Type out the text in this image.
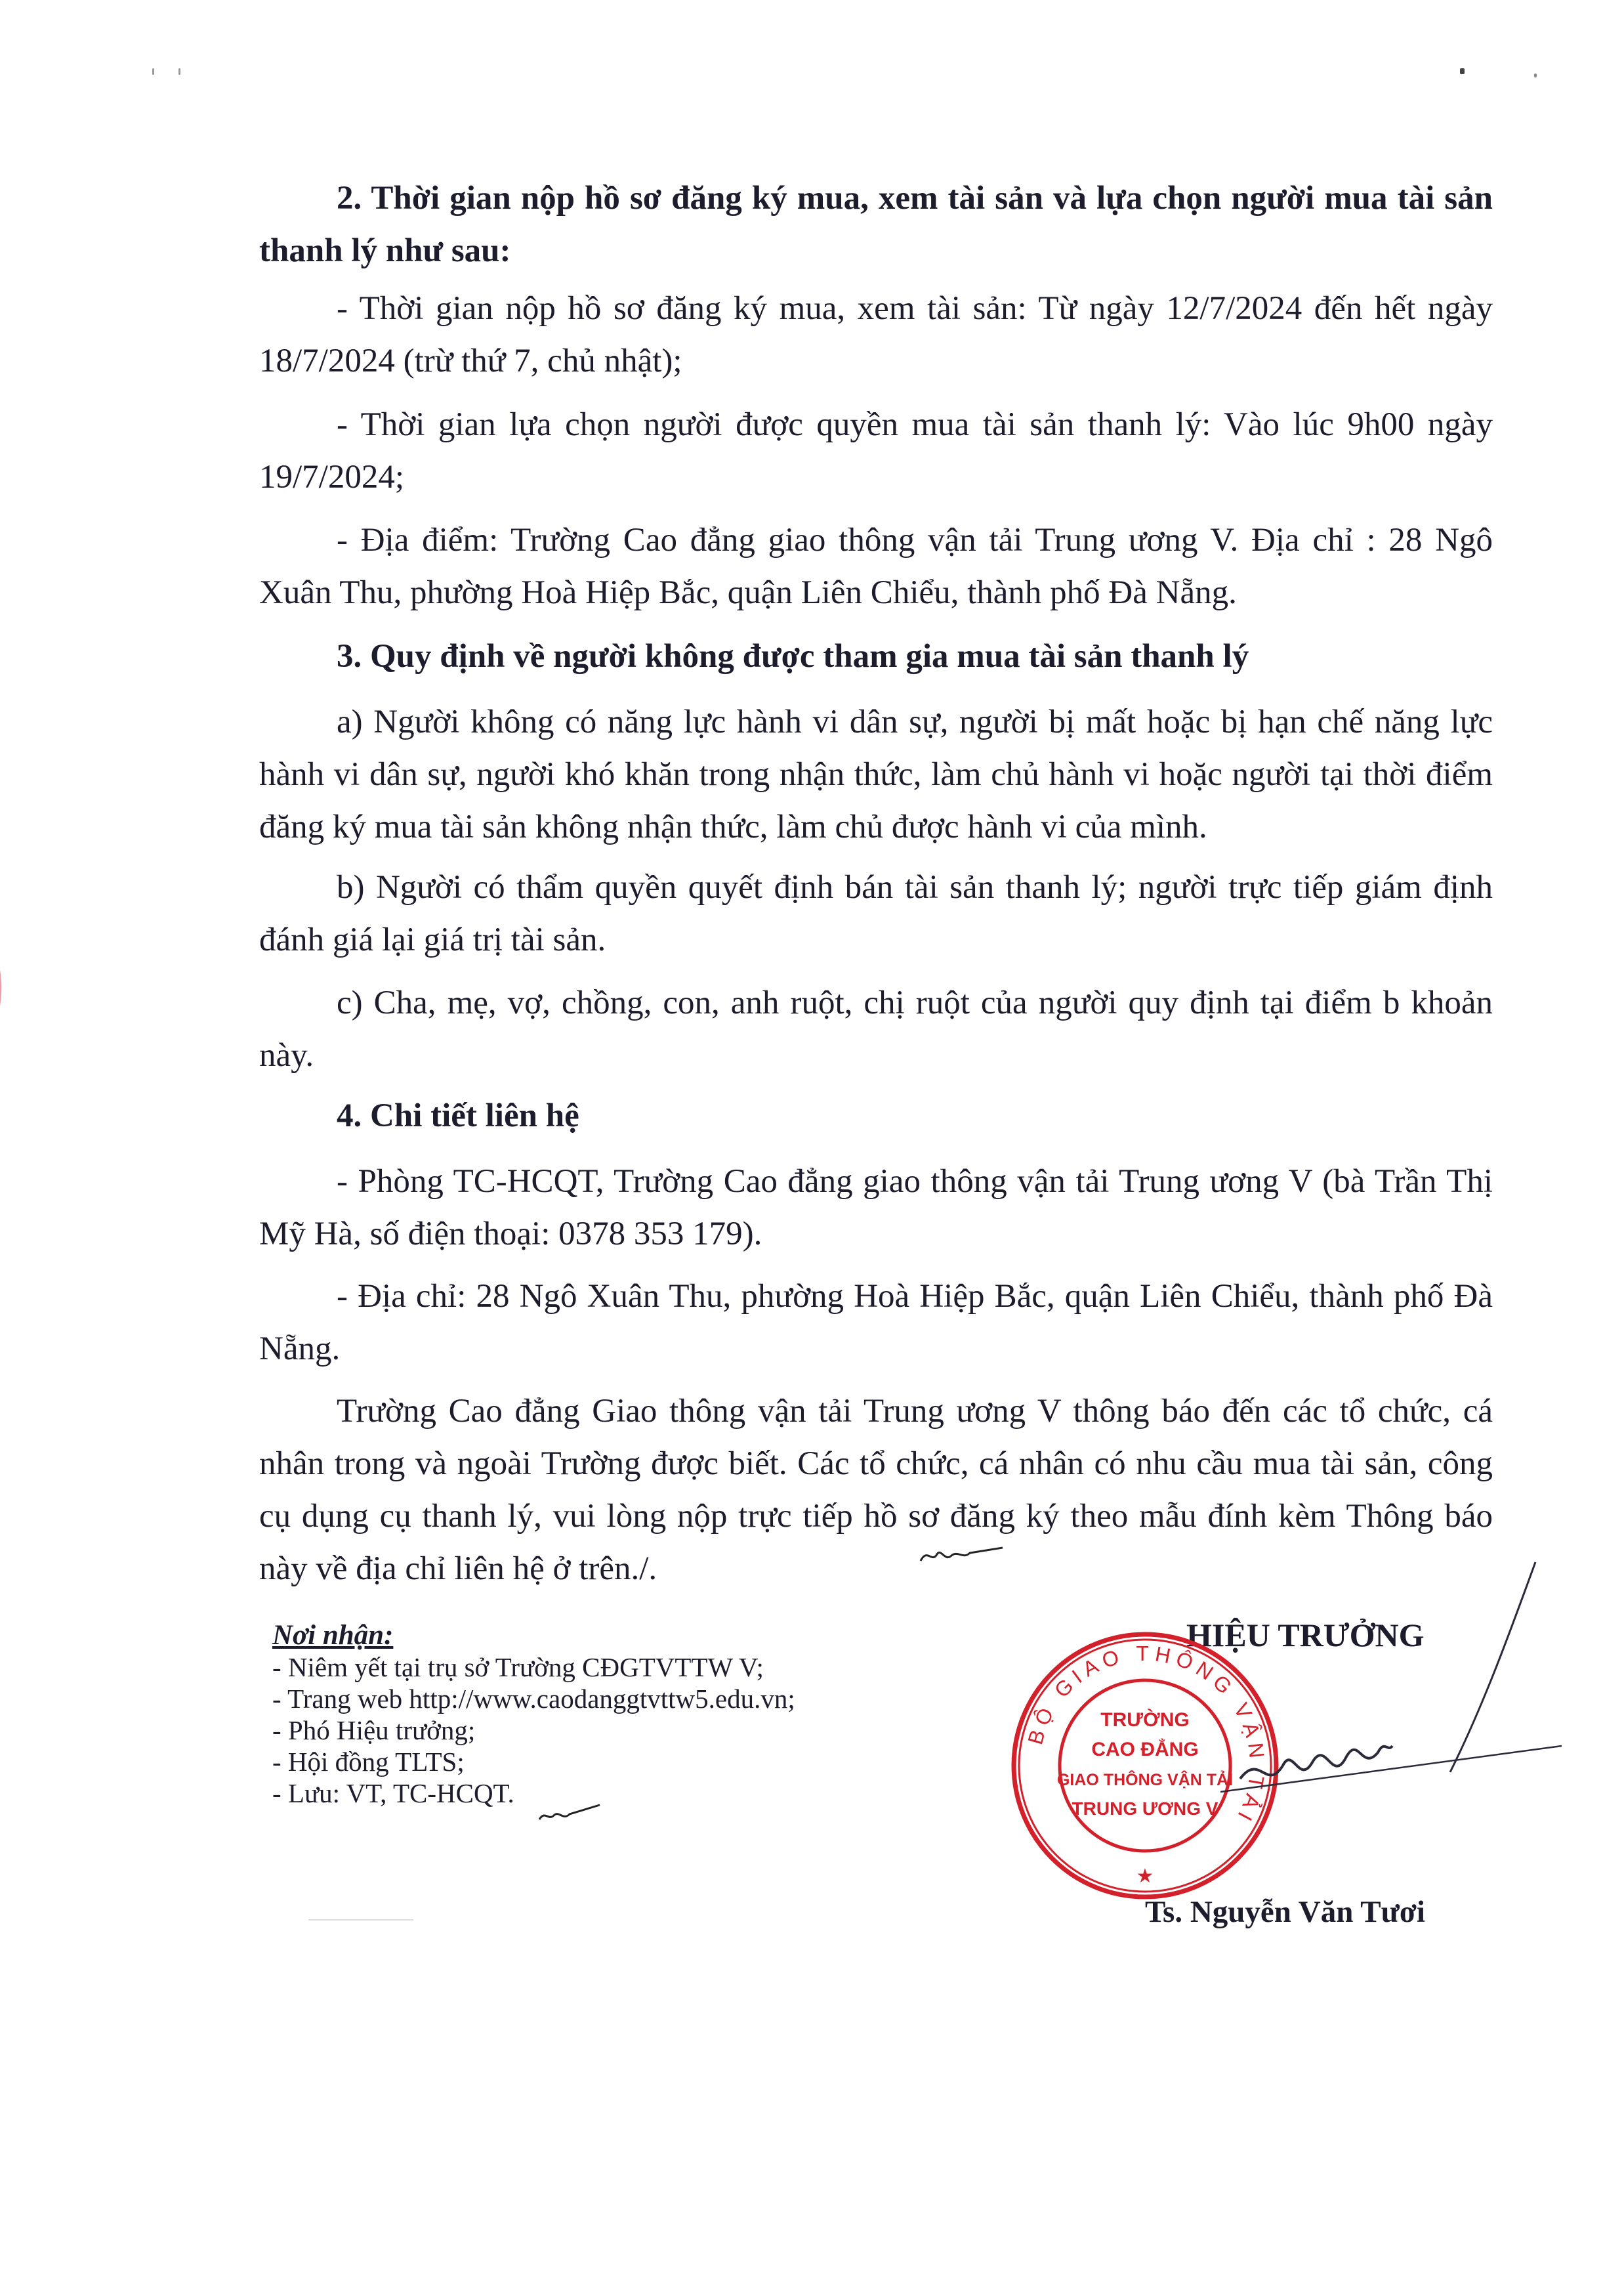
2. Thời gian nộp hồ sơ đăng ký mua, xem tài sản và lựa chọn người mua tài sản thanh lý như sau:

- Thời gian nộp hồ sơ đăng ký mua, xem tài sản: Từ ngày 12/7/2024 đến hết ngày 18/7/2024 (trừ thứ 7, chủ nhật);

- Thời gian lựa chọn người được quyền mua tài sản thanh lý: Vào lúc 9h00 ngày 19/7/2024;

- Địa điểm: Trường Cao đẳng giao thông vận tải Trung ương V. Địa chỉ : 28 Ngô Xuân Thu, phường Hoà Hiệp Bắc, quận Liên Chiểu, thành phố Đà Nẵng.

3. Quy định về người không được tham gia mua tài sản thanh lý

a) Người không có năng lực hành vi dân sự, người bị mất hoặc bị hạn chế năng lực hành vi dân sự, người khó khăn trong nhận thức, làm chủ hành vi hoặc người tại thời điểm đăng ký mua tài sản không nhận thức, làm chủ được hành vi của mình.

b) Người có thẩm quyền quyết định bán tài sản thanh lý; người trực tiếp giám định đánh giá lại giá trị tài sản.

c) Cha, mẹ, vợ, chồng, con, anh ruột, chị ruột của người quy định tại điểm b khoản này.

4. Chi tiết liên hệ

- Phòng TC-HCQT, Trường Cao đẳng giao thông vận tải Trung ương V (bà Trần Thị Mỹ Hà, số điện thoại: 0378 353 179).

- Địa chỉ: 28 Ngô Xuân Thu, phường Hoà Hiệp Bắc, quận Liên Chiểu, thành phố Đà Nẵng.

Trường Cao đẳng Giao thông vận tải Trung ương V thông báo đến các tổ chức, cá nhân trong và ngoài Trường được biết. Các tổ chức, cá nhân có nhu cầu mua tài sản, công cụ dụng cụ thanh lý, vui lòng nộp trực tiếp hồ sơ đăng ký theo mẫu đính kèm Thông báo này về địa chỉ liên hệ ở trên./.

Nơi nhận:
- Niêm yết tại trụ sở Trường CĐGTVTTW V;
- Trang web http://www.caodanggtvttw5.edu.vn;
- Phó Hiệu trưởng;
- Hội đồng TLTS;
- Lưu: VT, TC-HCQT.
HIỆU TRƯỞNG
BỘ GIAO THÔNG VẬN TẢI
TRƯỜNG
CAO ĐẲNG
GIAO THÔNG VẬN TẢI
TRUNG ƯƠNG V
★
Ts. Nguyễn Văn Tươi
